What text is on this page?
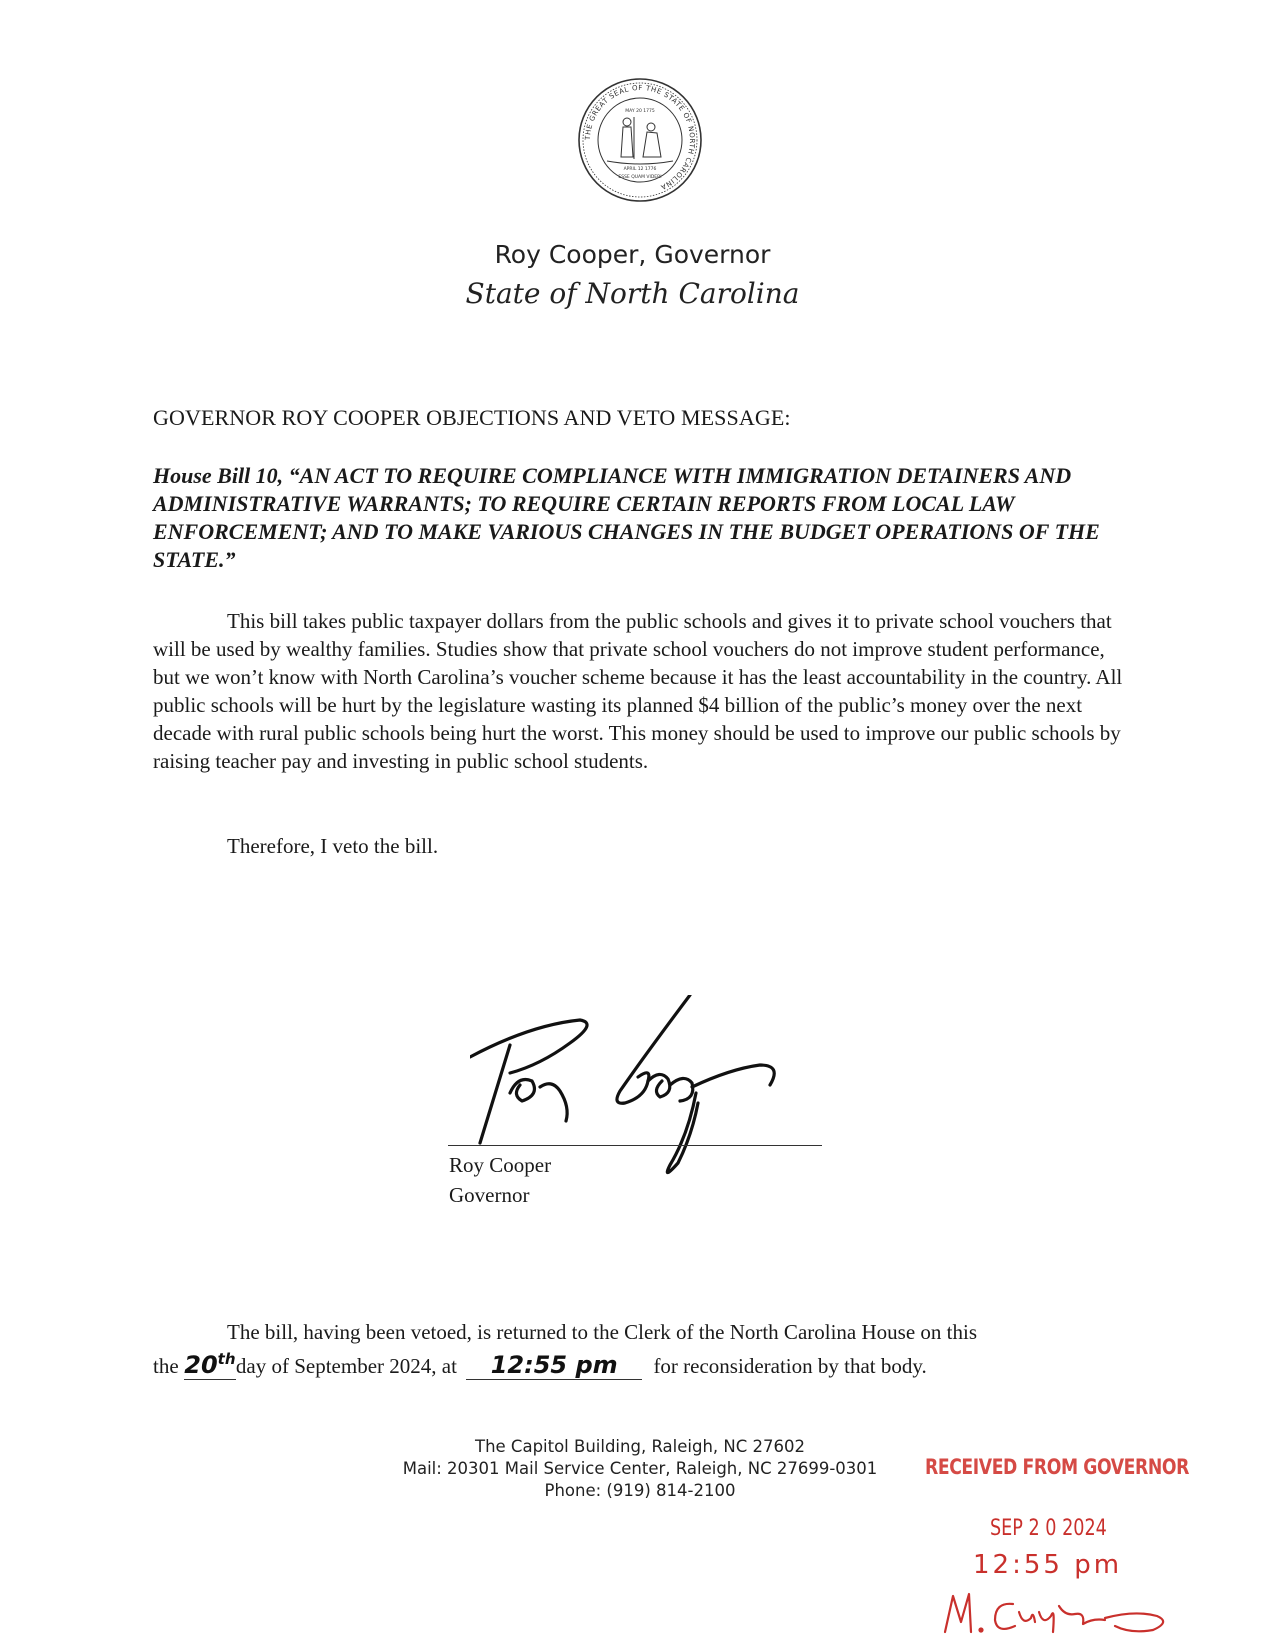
THE GREAT SEAL OF THE STATE OF NORTH CAROLINA
MAY 20 1775
APRIL 12 1776
ESSE QUAM VIDERI
Roy Cooper, Governor
State of North Carolina
GOVERNOR ROY COOPER OBJECTIONS AND VETO MESSAGE:
House Bill 10, “AN ACT TO REQUIRE COMPLIANCE WITH IMMIGRATION DETAINERS AND ADMINISTRATIVE WARRANTS; TO REQUIRE CERTAIN REPORTS FROM LOCAL LAW ENFORCEMENT; AND TO MAKE VARIOUS CHANGES IN THE BUDGET OPERATIONS OF THE STATE.”
This bill takes public taxpayer dollars from the public schools and gives it to private school vouchers that will be used by wealthy families. Studies show that private school vouchers do not improve student performance, but we won’t know with North Carolina’s voucher scheme because it has the least accountability in the country. All public schools will be hurt by the legislature wasting its planned $4 billion of the public’s money over the next decade with rural public schools being hurt the worst. This money should be used to improve our public schools by raising teacher pay and investing in public school students.
Therefore, I veto the bill.
Roy Cooper
Governor
The bill, having been vetoed, is returned to the Clerk of the North Carolina House on this
the 20thday of September 2024, at 12:55 pm for reconsideration by that body.
The Capitol Building, Raleigh, NC 27602
Mail: 20301 Mail Service Center, Raleigh, NC 27699-0301
Phone: (919) 814-2100
RECEIVED FROM GOVERNOR
SEP 2 0 2024
12:55 pm
